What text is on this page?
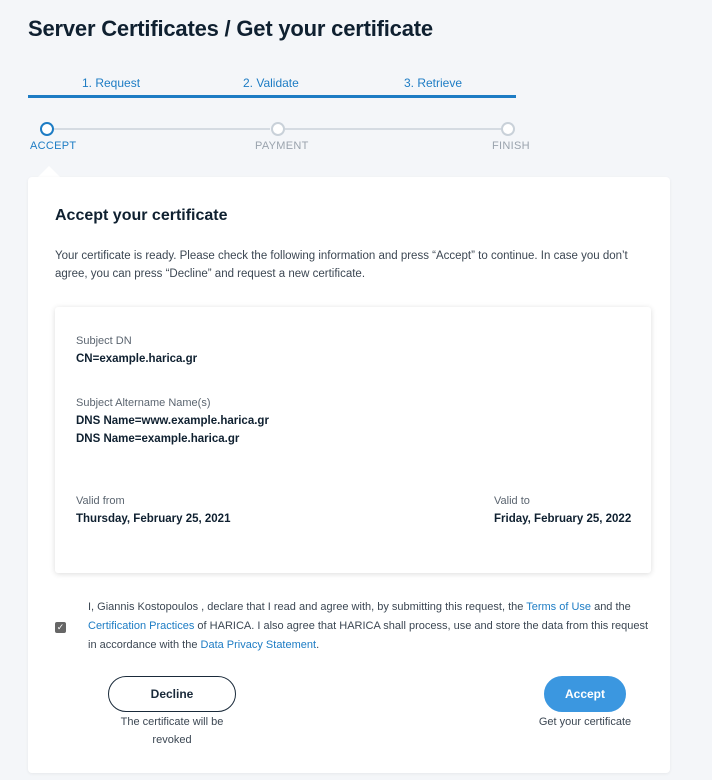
Server Certificates / Get your certificate
1. Request	2. Validate	3. Retrieve
ACCEPT	PAYMENT	FINISH
Accept your certificate
Your certificate is ready. Please check the following information and press “Accept” to continue. In case you don’t agree, you can press “Decline” and request a new certificate.
Subject DN
CN=example.harica.gr
Subject Altername Name(s)
DNS Name=www.example.harica.gr
DNS Name=example.harica.gr
Valid from
Thursday, February 25, 2021
Valid to
Friday, February 25, 2022
✓
I, Giannis Kostopoulos , declare that I read and agree with, by submitting this request, the Terms of Use and the Certification Practices of HARICA. I also agree that HARICA shall process, use and store the data from this request in accordance with the Data Privacy Statement.
Decline
The certificate will be revoked
Accept
Get your certificate
